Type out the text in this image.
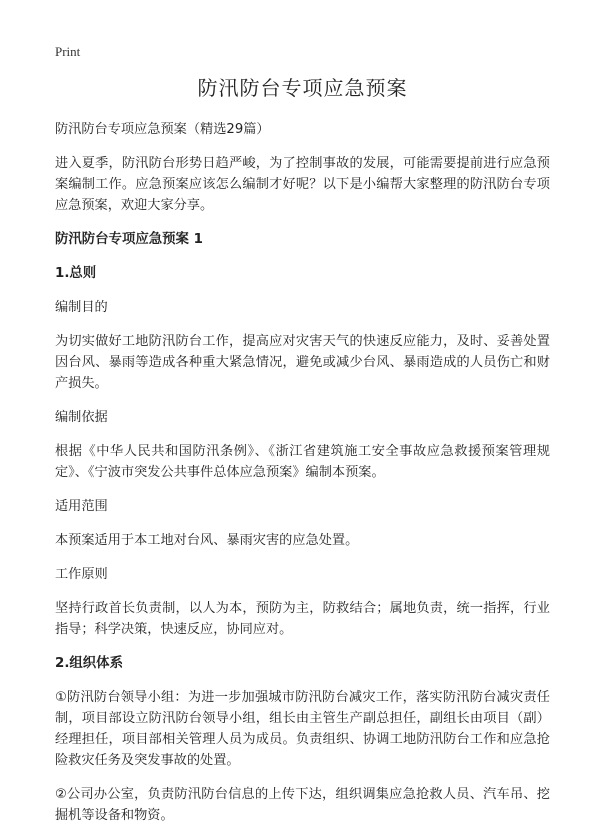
Print
防汛防台专项应急预案

防汛防台专项应急预案（精选29篇）

进入夏季，防汛防台形势日趋严峻，为了控制事故的发展，可能需要提前进行应急预案编制工作。应急预案应该怎么编制才好呢？以下是小编帮大家整理的防汛防台专项应急预案，欢迎大家分享。

防汛防台专项应急预案 1

1.总则

编制目的

为切实做好工地防汛防台工作，提高应对灾害天气的快速反应能力，及时、妥善处置因台风、暴雨等造成各种重大紧急情况，避免或减少台风、暴雨造成的人员伤亡和财产损失。

编制依据

根据《中华人民共和国防汛条例》、《浙江省建筑施工安全事故应急救援预案管理规定》、《宁波市突发公共事件总体应急预案》编制本预案。

适用范围

本预案适用于本工地对台风、暴雨灾害的应急处置。

工作原则

坚持行政首长负责制，以人为本，预防为主，防救结合；属地负责，统一指挥，行业指导；科学决策，快速反应，协同应对。

2.组织体系

①防汛防台领导小组：为进一步加强城市防汛防台减灾工作，落实防汛防台减灾责任制，项目部设立防汛防台领导小组，组长由主管生产副总担任，副组长由项目（副）经理担任，项目部相关管理人员为成员。负责组织、协调工地防汛防台工作和应急抢险救灾任务及突发事故的处置。

②公司办公室，负责防汛防台信息的上传下达，组织调集应急抢救人员、汽车吊、挖掘机等设备和物资。
